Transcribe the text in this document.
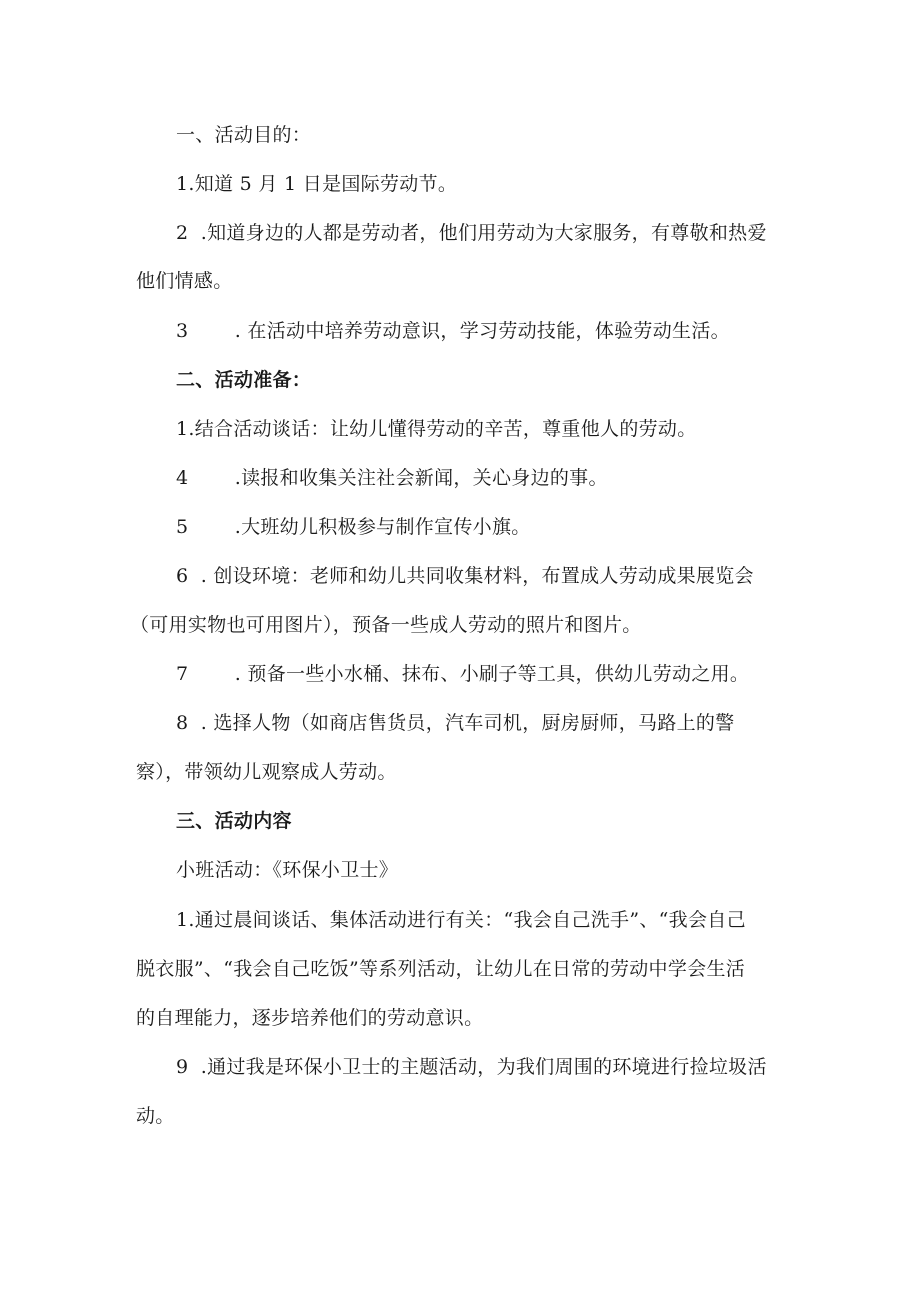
一、活动目的：
1.知道 5 月 1 日是国际劳动节。
2 .知道身边的人都是劳动者，他们用劳动为大家服务，有尊敬和热爱
他们情感。
3 . 在活动中培养劳动意识，学习劳动技能，体验劳动生活。
二、活动准备：
1.结合活动谈话：让幼儿懂得劳动的辛苦，尊重他人的劳动。
4 .读报和收集关注社会新闻，关心身边的事。
5 .大班幼儿积极参与制作宣传小旗。
6 . 创设环境：老师和幼儿共同收集材料，布置成人劳动成果展览会
（可用实物也可用图片），预备一些成人劳动的照片和图片。
7 . 预备一些小水桶、抹布、小刷子等工具，供幼儿劳动之用。
8 . 选择人物（如商店售货员，汽车司机，厨房厨师，马路上的警
察），带领幼儿观察成人劳动。
三、活动内容
小班活动：《环保小卫士》
1.通过晨间谈话、集体活动进行有关：“我会自己洗手”、“我会自己
脱衣服”、“我会自己吃饭”等系列活动，让幼儿在日常的劳动中学会生活
的自理能力，逐步培养他们的劳动意识。
9 .通过我是环保小卫士的主题活动，为我们周围的环境进行捡垃圾活
动。
